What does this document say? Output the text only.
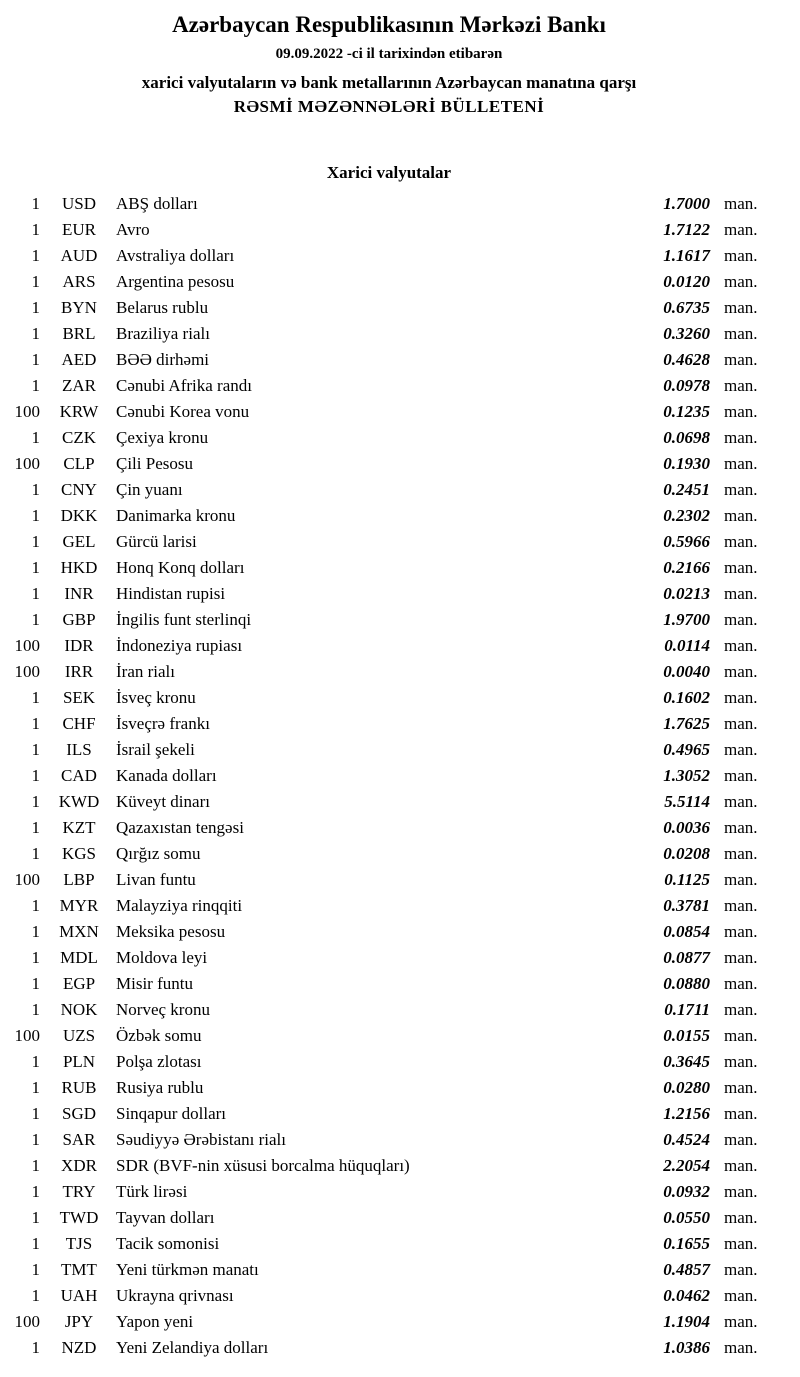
Azərbaycan Respublikasının Mərkəzi Bankı
09.09.2022 -ci il tarixindən etibarən
xarici valyutaların və bank metallarının Azərbaycan manatına qarşı
RƏSMİ MƏZƏNNƏLƏRİ BÜLLETENİ
Xarici valyutalar
1	USD	ABŞ dolları	1.7000 man.
1	EUR	Avro	1.7122 man.
1	AUD	Avstraliya dolları	1.1617 man.
1	ARS	Argentina pesosu	0.0120 man.
1	BYN	Belarus rublu	0.6735 man.
1	BRL	Braziliya rialı	0.3260 man.
1	AED	BƏƏ dirhəmi	0.4628 man.
1	ZAR	Cənubi Afrika randı	0.0978 man.
100	KRW	Cənubi Korea vonu	0.1235 man.
1	CZK	Çexiya kronu	0.0698 man.
100	CLP	Çili Pesosu	0.1930 man.
1	CNY	Çin yuanı	0.2451 man.
1	DKK	Danimarka kronu	0.2302 man.
1	GEL	Gürcü larisi	0.5966 man.
1	HKD	Honq Konq dolları	0.2166 man.
1	INR	Hindistan rupisi	0.0213 man.
1	GBP	İngilis funt sterlinqi	1.9700 man.
100	IDR	İndoneziya rupiası	0.0114 man.
100	IRR	İran rialı	0.0040 man.
1	SEK	İsveç kronu	0.1602 man.
1	CHF	İsveçrə frankı	1.7625 man.
1	ILS	İsrail şekeli	0.4965 man.
1	CAD	Kanada dolları	1.3052 man.
1	KWD Küveyt dinarı	5.5114 man.
1	KZT	Qazaxıstan tengəsi	0.0036 man.
1	KGS	Qırğız somu	0.0208 man.
100	LBP	Livan funtu	0.1125 man.
1	MYR	Malayziya rinqqiti	0.3781 man.
1	MXN	Meksika pesosu	0.0854 man.
1	MDL	Moldova leyi	0.0877 man.
1	EGP	Misir funtu	0.0880 man.
1	NOK	Norveç kronu	0.1711 man.
100	UZS	Özbək somu	0.0155 man.
1	PLN	Polşa zlotası	0.3645 man.
1	RUB	Rusiya rublu	0.0280 man.
1	SGD	Sinqapur dolları	1.2156 man.
1	SAR	Səudiyyə Ərəbistanı rialı	0.4524 man.
1	XDR	SDR (BVF-nin xüsusi borcalma hüquqları)	2.2054 man.
1	TRY	Türk lirəsi	0.0932 man.
1	TWD	Tayvan dolları	0.0550 man.
1	TJS	Tacik somonisi	0.1655 man.
1	TMT	Yeni türkmən manatı	0.4857 man.
1	UAH	Ukrayna qrivnası	0.0462 man.
100	JPY	Yapon yeni	1.1904 man.
1	NZD	Yeni Zelandiya dolları	1.0386 man.
